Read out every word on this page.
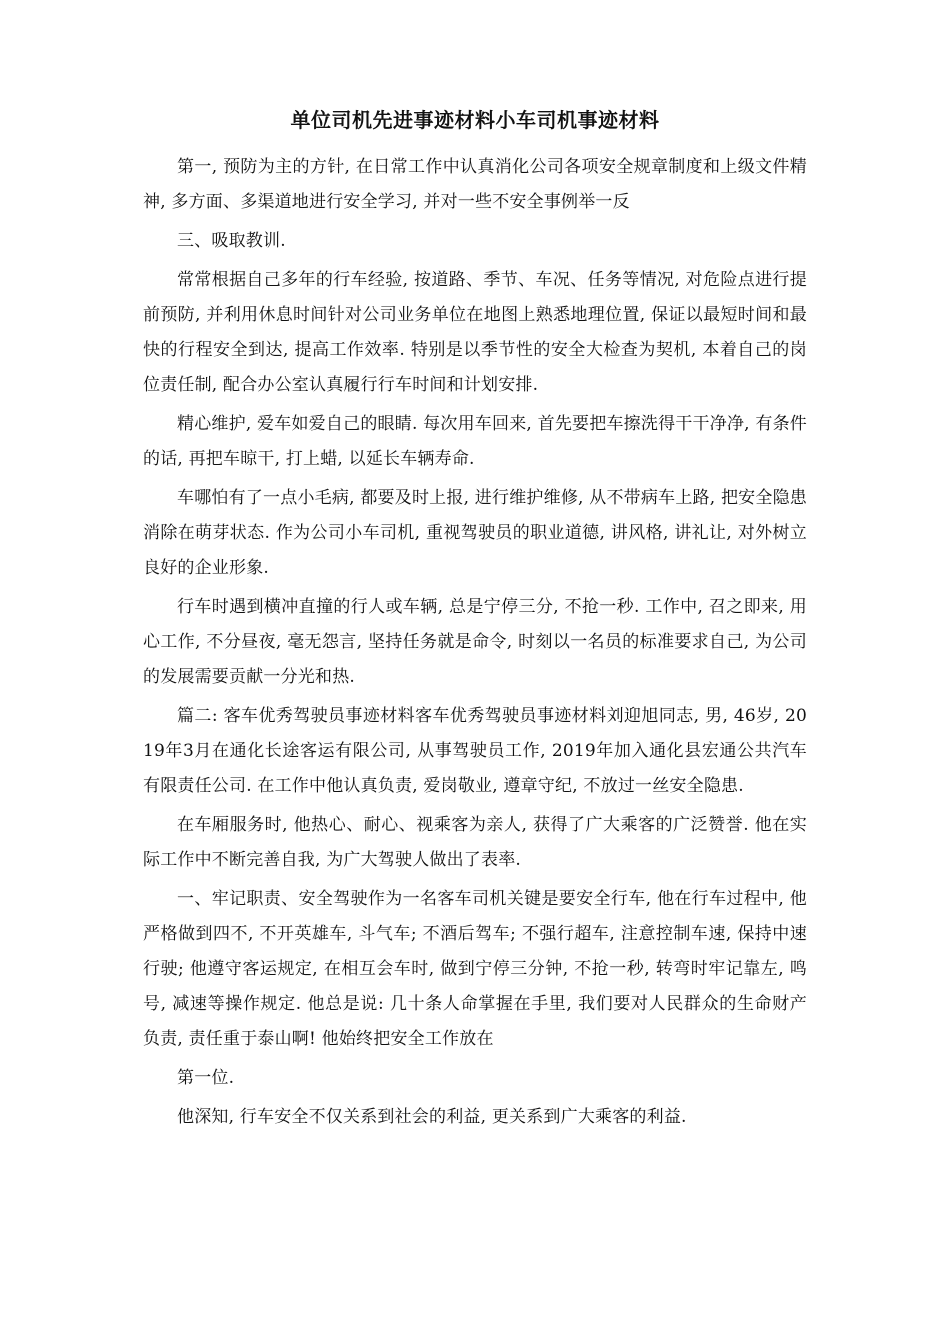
单位司机先进事迹材料小车司机事迹材料

第一, 预防为主的方针, 在日常工作中认真消化公司各项安全规章制度和上级文件精神, 多方面、多渠道地进行安全学习, 并对一些不安全事例举一反

三、吸取教训.

常常根据自己多年的行车经验, 按道路、季节、车况、任务等情况, 对危险点进行提前预防, 并利用休息时间针对公司业务单位在地图上熟悉地理位置, 保证以最短时间和最快的行程安全到达, 提高工作效率. 特别是以季节性的安全大检查为契机, 本着自己的岗位责任制, 配合办公室认真履行行车时间和计划安排.

精心维护, 爱车如爱自己的眼睛. 每次用车回来, 首先要把车擦洗得干干净净, 有条件的话, 再把车晾干, 打上蜡, 以延长车辆寿命.

车哪怕有了一点小毛病, 都要及时上报, 进行维护维修, 从不带病车上路, 把安全隐患消除在萌芽状态. 作为公司小车司机, 重视驾驶员的职业道德, 讲风格, 讲礼让, 对外树立良好的企业形象.

行车时遇到横冲直撞的行人或车辆, 总是宁停三分, 不抢一秒. 工作中, 召之即来, 用心工作, 不分昼夜, 毫无怨言, 坚持任务就是命令, 时刻以一名员的标准要求自己, 为公司的发展需要贡献一分光和热.

篇二: 客车优秀驾驶员事迹材料客车优秀驾驶员事迹材料刘迎旭同志, 男, 46岁, 2019年3月在通化长途客运有限公司, 从事驾驶员工作, 2019年加入通化县宏通公共汽车有限责任公司. 在工作中他认真负责, 爱岗敬业, 遵章守纪, 不放过一丝安全隐患.

在车厢服务时, 他热心、耐心、视乘客为亲人, 获得了广大乘客的广泛赞誉. 他在实际工作中不断完善自我, 为广大驾驶人做出了表率.

一、牢记职责、安全驾驶作为一名客车司机关键是要安全行车, 他在行车过程中, 他严格做到四不, 不开英雄车, 斗气车; 不酒后驾车; 不强行超车, 注意控制车速, 保持中速行驶; 他遵守客运规定, 在相互会车时, 做到宁停三分钟, 不抢一秒, 转弯时牢记靠左, 鸣号, 减速等操作规定. 他总是说: 几十条人命掌握在手里, 我们要对人民群众的生命财产负责, 责任重于泰山啊! 他始终把安全工作放在

第一位.

他深知, 行车安全不仅关系到社会的利益, 更关系到广大乘客的利益.
